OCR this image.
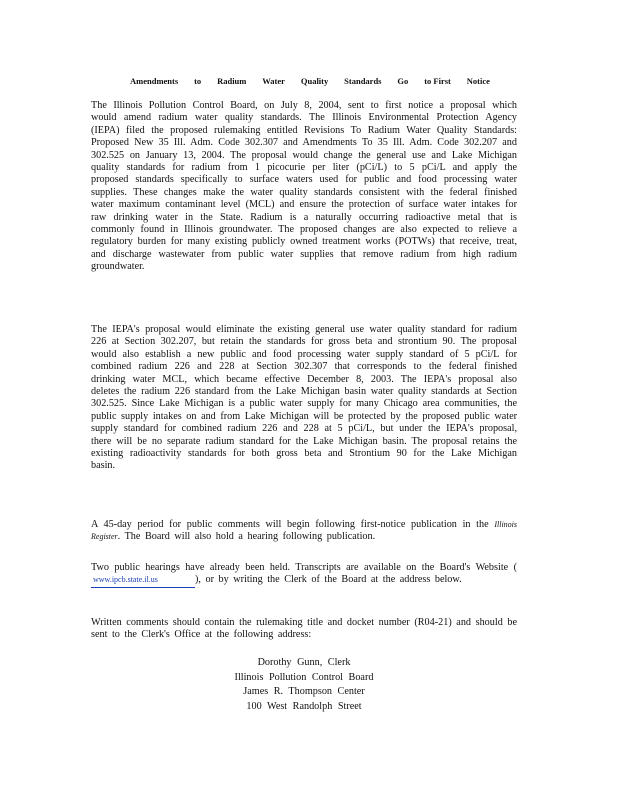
Amendments to Radium Water Quality Standards Go to First Notice
The Illinois Pollution Control Board, on July 8, 2004, sent to first notice a proposal which would amend radium water quality standards. The Illinois Environmental Protection Agency (IEPA) filed the proposed rulemaking entitled Revisions To Radium Water Quality Standards: Proposed New 35 Ill. Adm. Code 302.307 and Amendments To 35 Ill. Adm. Code 302.207 and 302.525 on January 13, 2004. The proposal would change the general use and Lake Michigan quality standards for radium from 1 picocurie per liter (pCi/L) to 5 pCi/L and apply the proposed standards specifically to surface waters used for public and food processing water supplies. These changes make the water quality standards consistent with the federal finished water maximum contaminant level (MCL) and ensure the protection of surface water intakes for raw drinking water in the State. Radium is a naturally occurring radioactive metal that is commonly found in Illinois groundwater. The proposed changes are also expected to relieve a regulatory burden for many existing publicly owned treatment works (POTWs) that receive, treat, and discharge wastewater from public water supplies that remove radium from high radium groundwater.
The IEPA's proposal would eliminate the existing general use water quality standard for radium 226 at Section 302.207, but retain the standards for gross beta and strontium 90. The proposal would also establish a new public and food processing water supply standard of 5 pCi/L for combined radium 226 and 228 at Section 302.307 that corresponds to the federal finished drinking water MCL, which became effective December 8, 2003. The IEPA's proposal also deletes the radium 226 standard from the Lake Michigan basin water quality standards at Section 302.525. Since Lake Michigan is a public water supply for many Chicago area communities, the public supply intakes on and from Lake Michigan will be protected by the proposed public water supply standard for combined radium 226 and 228 at 5 pCi/L, but under the IEPA's proposal, there will be no separate radium standard for the Lake Michigan basin. The proposal retains the existing radioactivity standards for both gross beta and Strontium 90 for the Lake Michigan basin.
A 45-day period for public comments will begin following first-notice publication in the Illinois Register. The Board will also hold a hearing following publication.
Two public hearings have already been held. Transcripts are available on the Board's Website (www.ipcb.state.il.us	), or by writing the Clerk of the Board at the address below.
Written comments should contain the rulemaking title and docket number (R04-21) and should be sent to the Clerk's Office at the following address:
Dorothy Gunn, Clerk
Illinois Pollution Control Board
James R. Thompson Center
100 West Randolph Street
